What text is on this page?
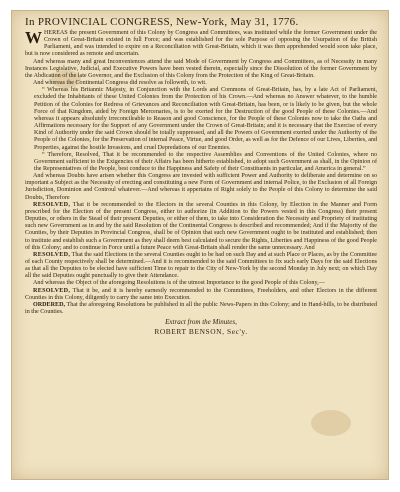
In PROVINCIAL CONGRESS, New-York, May 31, 1776.

WHEREAS the present Government of this Colony by Congress and Committees, was instituted while the former Government under the Crown of Great-Britain existed in full Force; and was established for the sole Purpose of opposing the Usurpation of the British Parliament, and was intended to expire on a Reconciliation with Great-Britain, which it was then apprehended would soon take place, but is now considered as remote and uncertain.

And whereas many and great Inconveniences attend the said Mode of Government by Congress and Committees, as of Necessity in many Instances Legislative, Judicial, and Executive Powers have been vested therein, especially since the Dissolution of the former Government by the Abdication of the late Governor, and the Exclusion of this Colony from the Protection of the King of Great-Britain.

And whereas the Continental Congress did resolve as followeth, to wit.

“ Whereas his Britannic Majesty, in Conjunction with the Lords and Commons of Great-Britain, has, by a late Act of Parliament, excluded the Inhabitants of these United Colonies from the Protection of his Crown.—And whereas no Answer whatever, to the humble Petition of the Colonies for Redress of Grievances and Reconciliation with Great-Britain, has been, or is likely to be given, but the whole Force of that Kingdom, aided by Foreign Mercenaries, is to be exerted for the Destruction of the good People of these Colonies.—And whereas it appears absolutely irreconcileable to Reason and good Conscience, for the People of these Colonies now to take the Oaths and Affirmations necessary for the Support of any Government under the Crown of Great-Britain; and it is necessary that the Exercise of every Kind of Authority under the said Crown should be totally suppressed, and all the Powers of Government exerted under the Authority of the People of the Colonies, for the Preservation of internal Peace, Virtue, and good Order, as well as for the Defence of our Lives, Liberties, and Properties, against the hostile Invasions, and cruel Depredations of our Enemies.

“ Therefore, Resolved, That it be recommended to the respective Assemblies and Conventions of the United Colonies, where no Government sufficient to the Exigencies of their Affairs has been hitherto established, to adopt such Government as shall, in the Opinion of the Representatives of the People, best conduce to the Happiness and Safety of their Constituents in particular, and America in general.”

And whereas Doubts have arisen whether this Congress are invested with sufficient Power and Authority to deliberate and determine on so important a Subject as the Necessity of erecting and constituting a new Form of Government and internal Police, to the Exclusion of all Foreign Jurisdiction, Dominion and Controul whatever.—And whereas it appertains of Right solely to the People of this Colony to determine the said Doubts, Therefore

RESOLVED, That it be recommended to the Electors in the several Counties in this Colony, by Election in the Manner and Form prescribed for the Election of the present Congress, either to authorize (in Addition to the Powers vested in this Congress) their present Deputies, or others in the Stead of their present Deputies, or either of them, to take into Consideration the Necessity and Propriety of instituting such new Government as in and by the said Resolution of the Continental Congress is described and recommended; And if the Majority of the Counties, by their Deputies in Provincial Congress, shall be of Opinion that such new Government ought to be instituted and established; then to institute and establish such a Government as they shall deem best calculated to secure the Rights, Liberties and Happiness of the good People of this Colony; and to continue in Force until a future Peace with Great-Britain shall render the same unnecessary. And

RESOLVED, That the said Elections in the several Counties ought to be had on such Day and at such Place or Places, as by the Committee of each County respectively shall be determined.—And it is recommended to the said Committees to fix such early Days for the said Elections as that all the Deputies to be elected have sufficient Time to repair to the City of New-York by the second Monday in July next; on which Day all the said Deputies ought punctually to give their Attendance.

And whereas the Object of the aforegoing Resolutions is of the utmost Importance to the good People of this Colony,—

RESOLVED, That it be, and it is hereby earnestly recommended to the Committees, Freeholders, and other Electors in the different Counties in this Colony, diligently to carry the same into Execution.

ORDERED, That the aforegoing Resolutions be published in all the public News-Papers in this Colony; and in Hand-bills, to be distributed in the Counties.

Extract from the Minutes,
ROBERT BENSON, Sec'y.
